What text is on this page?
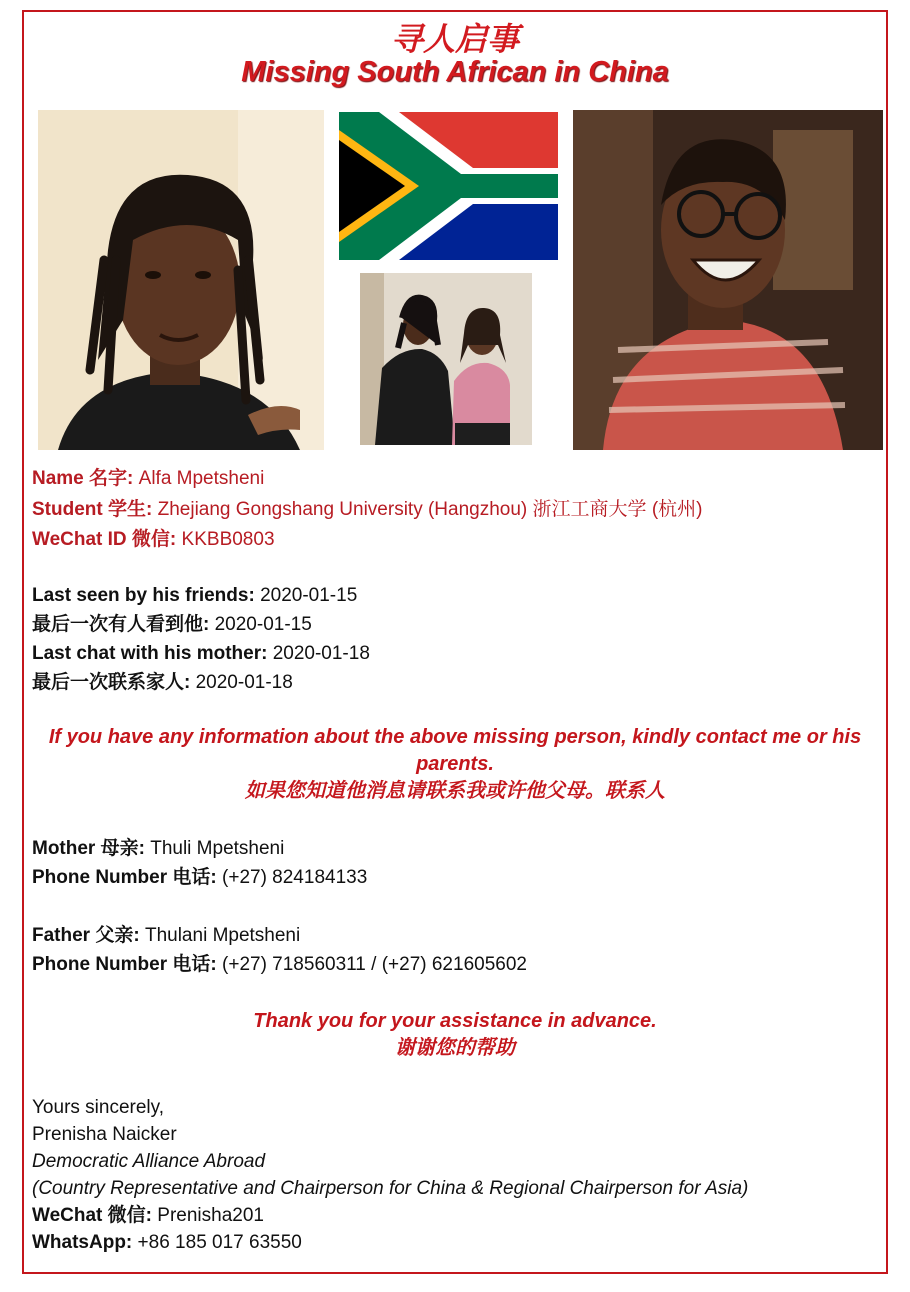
寻人启事
Missing South African in China
Name 名字: Alfa Mpetsheni
Student 学生: Zhejiang Gongshang University (Hangzhou) 浙江工商大学 (杭州)
WeChat ID 微信: KKBB0803
Last seen by his friends: 2020-01-15
最后一次有人看到他: 2020-01-15
Last chat with his mother: 2020-01-18
最后一次联系家人: 2020-01-18
If you have any information about the above missing person, kindly contact me or his
parents.
如果您知道他消息请联系我或许他父母。联系人
Mother 母亲: Thuli Mpetsheni
Phone Number 电话: (+27) 824184133
Father 父亲: Thulani Mpetsheni
Phone Number 电话: (+27) 718560311 / (+27) 621605602
Thank you for your assistance in advance.
谢谢您的帮助
Yours sincerely,
Prenisha Naicker
Democratic Alliance Abroad
(Country Representative and Chairperson for China & Regional Chairperson for Asia)
WeChat 微信: Prenisha201
WhatsApp: +86 185 017 63550
